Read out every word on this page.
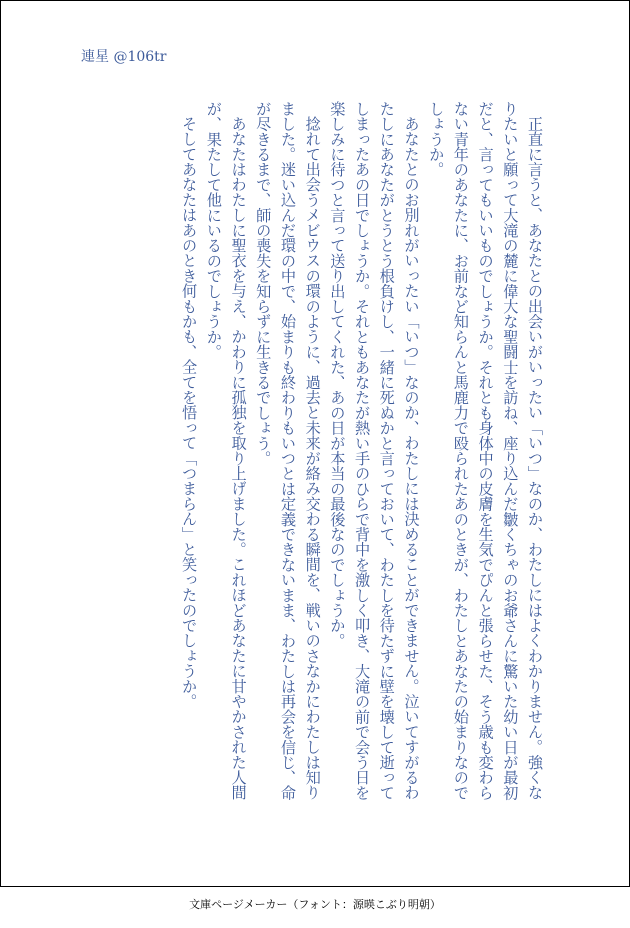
連星 @106tr

正直に言うと、あなたとの出会いがいったい「いつ」なのか、わたしにはよくわかりません。強くなりたいと願って大滝の麓に偉大な聖闘士を訪ね、座り込んだ皺くちゃのお爺さんに驚いた幼い日が最初だと、言ってもいいものでしょうか。それとも身体中の皮膚を生気でぴんと張らせた、そう歳も変わらない青年のあなたに、お前など知らんと馬鹿力で殴られたあのときが、わたしとあなたの始まりなのでしょうか。

あなたとのお別れがいったい「いつ」なのか、わたしには決めることができません。泣いてすがるわたしにあなたがとうとう根負けし、一緒に死ぬかと言っておいて、わたしを待たずに壁を壊して逝ってしまったあの日でしょうか。それともあなたが熱い手のひらで背中を激しく叩き、大滝の前で会う日を楽しみに待つと言って送り出してくれた、あの日が本当の最後なのでしょうか。

捻れて出会うメビウスの環のように、過去と未来が絡み交わる瞬間を、戦いのさなかにわたしは知りました。迷い込んだ環の中で、始まりも終わりもいつとは定義できないまま、わたしは再会を信じ、命が尽きるまで、師の喪失を知らずに生きるでしょう。

あなたはわたしに聖衣を与え、かわりに孤独を取り上げました。これほどあなたに甘やかされた人間が、果たして他にいるのでしょうか。

そしてあなたはあのとき何もかも、全てを悟って「つまらん」と笑ったのでしょうか。

文庫ページメーカー（フォント：源暎こぶり明朝）
